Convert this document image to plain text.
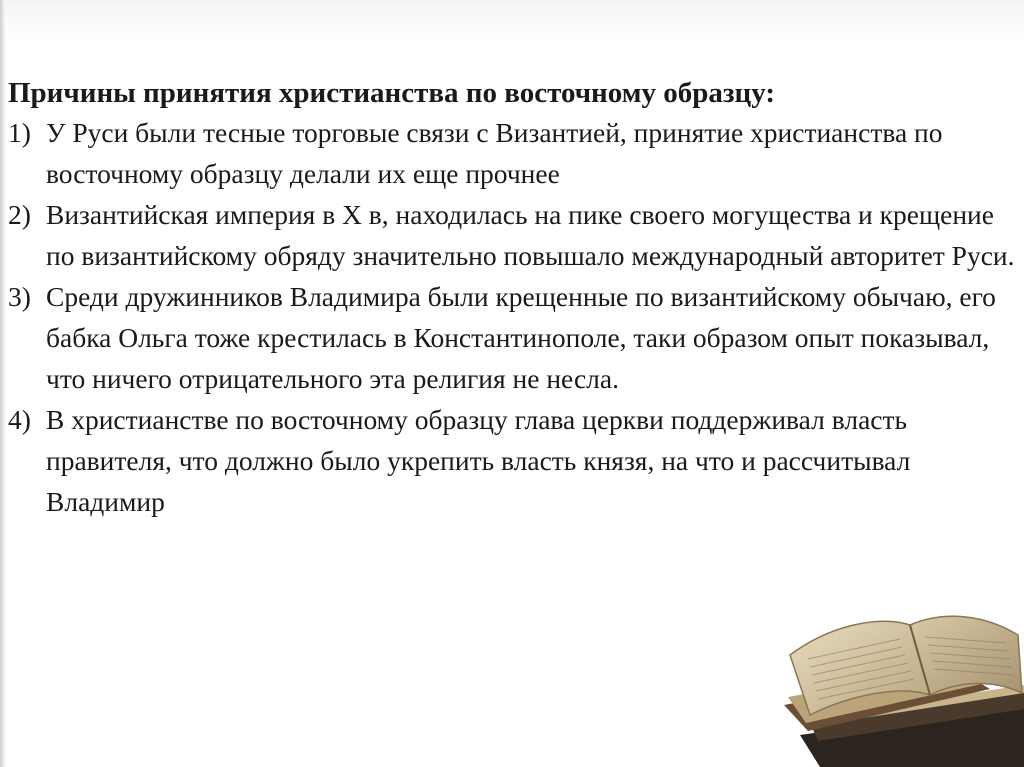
Причины принятия христианства по восточному образцу:
1) У Руси были тесные торговые связи с Византией, принятие христианства по восточному образцу делали их еще прочнее
2) Византийская империя в X в, находилась на пике своего могущества и крещение по византийскому обряду значительно повышало международный авторитет Руси.
3) Среди дружинников Владимира были крещенные по византийскому обычаю, его бабка Ольга тоже крестилась в Константинополе, таки образом опыт показывал, что ничего отрицательного эта религия не несла.
4) В христианстве по восточному образцу глава церкви поддерживал власть правителя, что должно было укрепить власть князя, на что и рассчитывал Владимир
